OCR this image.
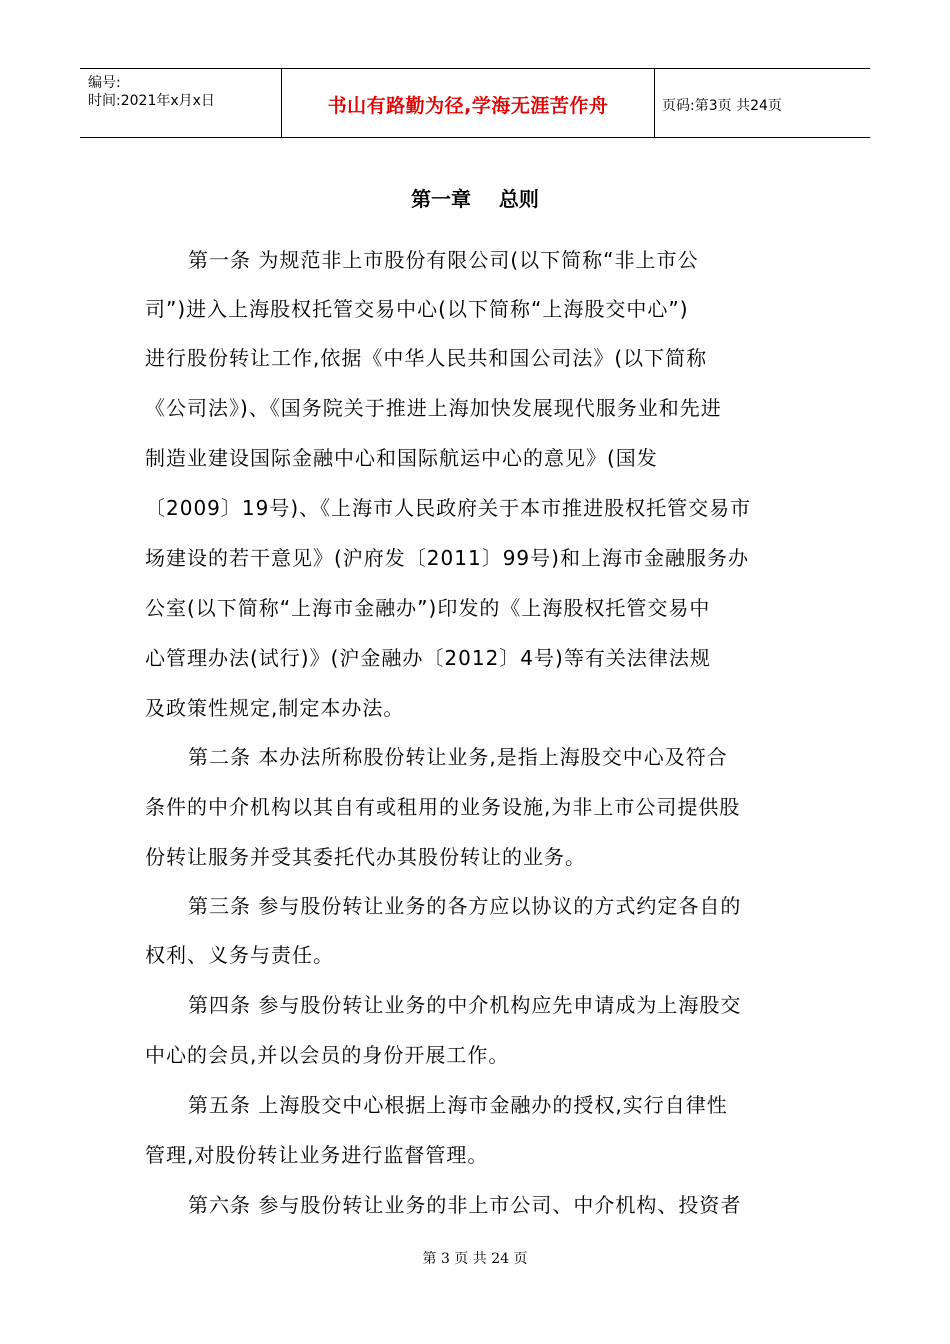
编号:
时间:2021年x月x日	书山有路勤为径,学海无涯苦作舟	页码:第3页 共24页
第一章    总则
第一条 为规范非上市股份有限公司(以下简称“非上市公
司”)进入上海股权托管交易中心(以下简称“上海股交中心”)
进行股份转让工作,依据《中华人民共和国公司法》(以下简称
《公司法》)、《国务院关于推进上海加快发展现代服务业和先进
制造业建设国际金融中心和国际航运中心的意见》(国发
〔2009〕19号)、《上海市人民政府关于本市推进股权托管交易市
场建设的若干意见》(沪府发〔2011〕99号)和上海市金融服务办
公室(以下简称“上海市金融办”)印发的《上海股权托管交易中
心管理办法(试行)》(沪金融办〔2012〕4号)等有关法律法规
及政策性规定,制定本办法。
第二条 本办法所称股份转让业务,是指上海股交中心及符合
条件的中介机构以其自有或租用的业务设施,为非上市公司提供股
份转让服务并受其委托代办其股份转让的业务。
第三条 参与股份转让业务的各方应以协议的方式约定各自的
权利、义务与责任。
第四条 参与股份转让业务的中介机构应先申请成为上海股交
中心的会员,并以会员的身份开展工作。
第五条 上海股交中心根据上海市金融办的授权,实行自律性
管理,对股份转让业务进行监督管理。
第六条 参与股份转让业务的非上市公司、中介机构、投资者
第 3 页 共 24 页
